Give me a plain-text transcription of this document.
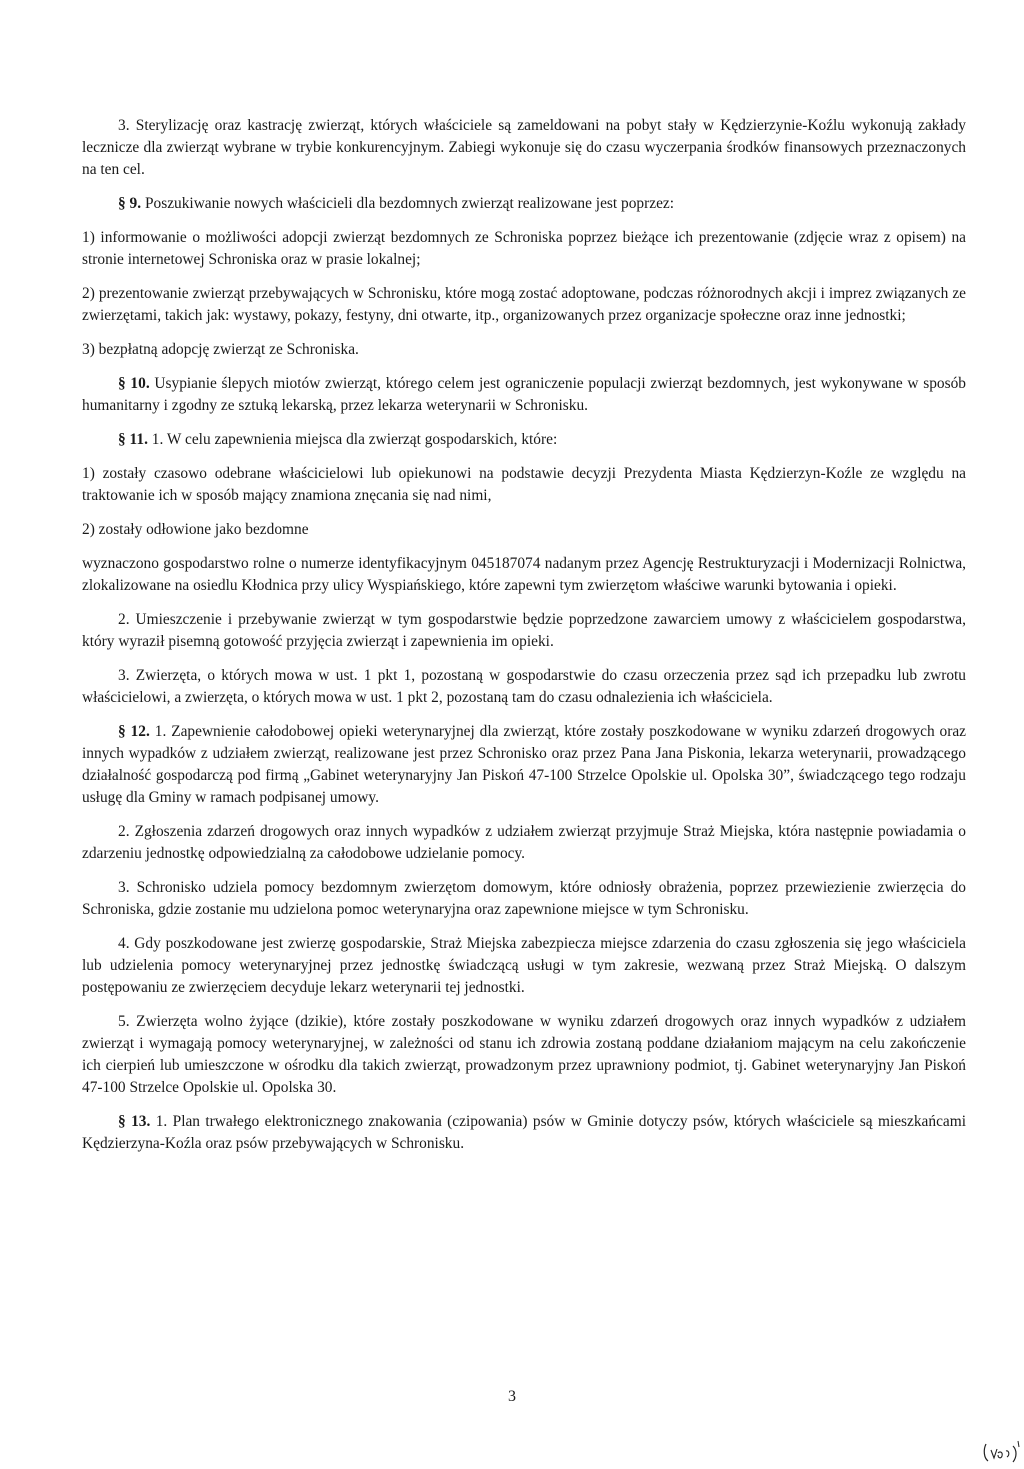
3. Sterylizację oraz kastrację zwierząt, których właściciele są zameldowani na pobyt stały w Kędzierzynie-Koźlu wykonują zakłady lecznicze dla zwierząt wybrane w trybie konkurencyjnym. Zabiegi wykonuje się do czasu wyczerpania środków finansowych przeznaczonych na ten cel.

§ 9. Poszukiwanie nowych właścicieli dla bezdomnych zwierząt realizowane jest poprzez:

1) informowanie o możliwości adopcji zwierząt bezdomnych ze Schroniska poprzez bieżące ich prezentowanie (zdjęcie wraz z opisem) na stronie internetowej Schroniska oraz w prasie lokalnej;

2) prezentowanie zwierząt przebywających w Schronisku, które mogą zostać adoptowane, podczas różnorodnych akcji i imprez związanych ze zwierzętami, takich jak: wystawy, pokazy, festyny, dni otwarte, itp., organizowanych przez organizacje społeczne oraz inne jednostki;

3) bezpłatną adopcję zwierząt ze Schroniska.

§ 10. Usypianie ślepych miotów zwierząt, którego celem jest ograniczenie populacji zwierząt bezdomnych, jest wykonywane w sposób humanitarny i zgodny ze sztuką lekarską, przez lekarza weterynarii w Schronisku.

§ 11. 1. W celu zapewnienia miejsca dla zwierząt gospodarskich, które:

1) zostały czasowo odebrane właścicielowi lub opiekunowi na podstawie decyzji Prezydenta Miasta Kędzierzyn-Koźle ze względu na traktowanie ich w sposób mający znamiona znęcania się nad nimi,

2) zostały odłowione jako bezdomne

wyznaczono gospodarstwo rolne o numerze identyfikacyjnym 045187074 nadanym przez Agencję Restrukturyzacji i Modernizacji Rolnictwa, zlokalizowane na osiedlu Kłodnica przy ulicy Wyspiańskiego, które zapewni tym zwierzętom właściwe warunki bytowania i opieki.

2. Umieszczenie i przebywanie zwierząt w tym gospodarstwie będzie poprzedzone zawarciem umowy z właścicielem gospodarstwa, który wyraził pisemną gotowość przyjęcia zwierząt i zapewnienia im opieki.

3. Zwierzęta, o których mowa w ust. 1 pkt 1, pozostaną w gospodarstwie do czasu orzeczenia przez sąd ich przepadku lub zwrotu właścicielowi, a zwierzęta, o których mowa w ust. 1 pkt 2, pozostaną tam do czasu odnalezienia ich właściciela.

§ 12. 1. Zapewnienie całodobowej opieki weterynaryjnej dla zwierząt, które zostały poszkodowane w wyniku zdarzeń drogowych oraz innych wypadków z udziałem zwierząt, realizowane jest przez Schronisko oraz przez Pana Jana Piskonia, lekarza weterynarii, prowadzącego działalność gospodarczą pod firmą „Gabinet weterynaryjny Jan Piskoń 47-100 Strzelce Opolskie ul. Opolska 30”, świadczącego tego rodzaju usługę dla Gminy w ramach podpisanej umowy.

2. Zgłoszenia zdarzeń drogowych oraz innych wypadków z udziałem zwierząt przyjmuje Straż Miejska, która następnie powiadamia o zdarzeniu jednostkę odpowiedzialną za całodobowe udzielanie pomocy.

3. Schronisko udziela pomocy bezdomnym zwierzętom domowym, które odniosły obrażenia, poprzez przewiezienie zwierzęcia do Schroniska, gdzie zostanie mu udzielona pomoc weterynaryjna oraz zapewnione miejsce w tym Schronisku.

4. Gdy poszkodowane jest zwierzę gospodarskie, Straż Miejska zabezpiecza miejsce zdarzenia do czasu zgłoszenia się jego właściciela lub udzielenia pomocy weterynaryjnej przez jednostkę świadczącą usługi w tym zakresie, wezwaną przez Straż Miejską. O dalszym postępowaniu ze zwierzęciem decyduje lekarz weterynarii tej jednostki.

5. Zwierzęta wolno żyjące (dzikie), które zostały poszkodowane w wyniku zdarzeń drogowych oraz innych wypadków z udziałem zwierząt i wymagają pomocy weterynaryjnej, w zależności od stanu ich zdrowia zostaną poddane działaniom mającym na celu zakończenie ich cierpień lub umieszczone w ośrodku dla takich zwierząt, prowadzonym przez uprawniony podmiot, tj. Gabinet weterynaryjny Jan Piskoń 47-100 Strzelce Opolskie ul. Opolska 30.

§ 13. 1. Plan trwałego elektronicznego znakowania (czipowania) psów w Gminie dotyczy psów, których właściciele są mieszkańcami Kędzierzyna-Koźla oraz psów przebywających w Schronisku.

3
